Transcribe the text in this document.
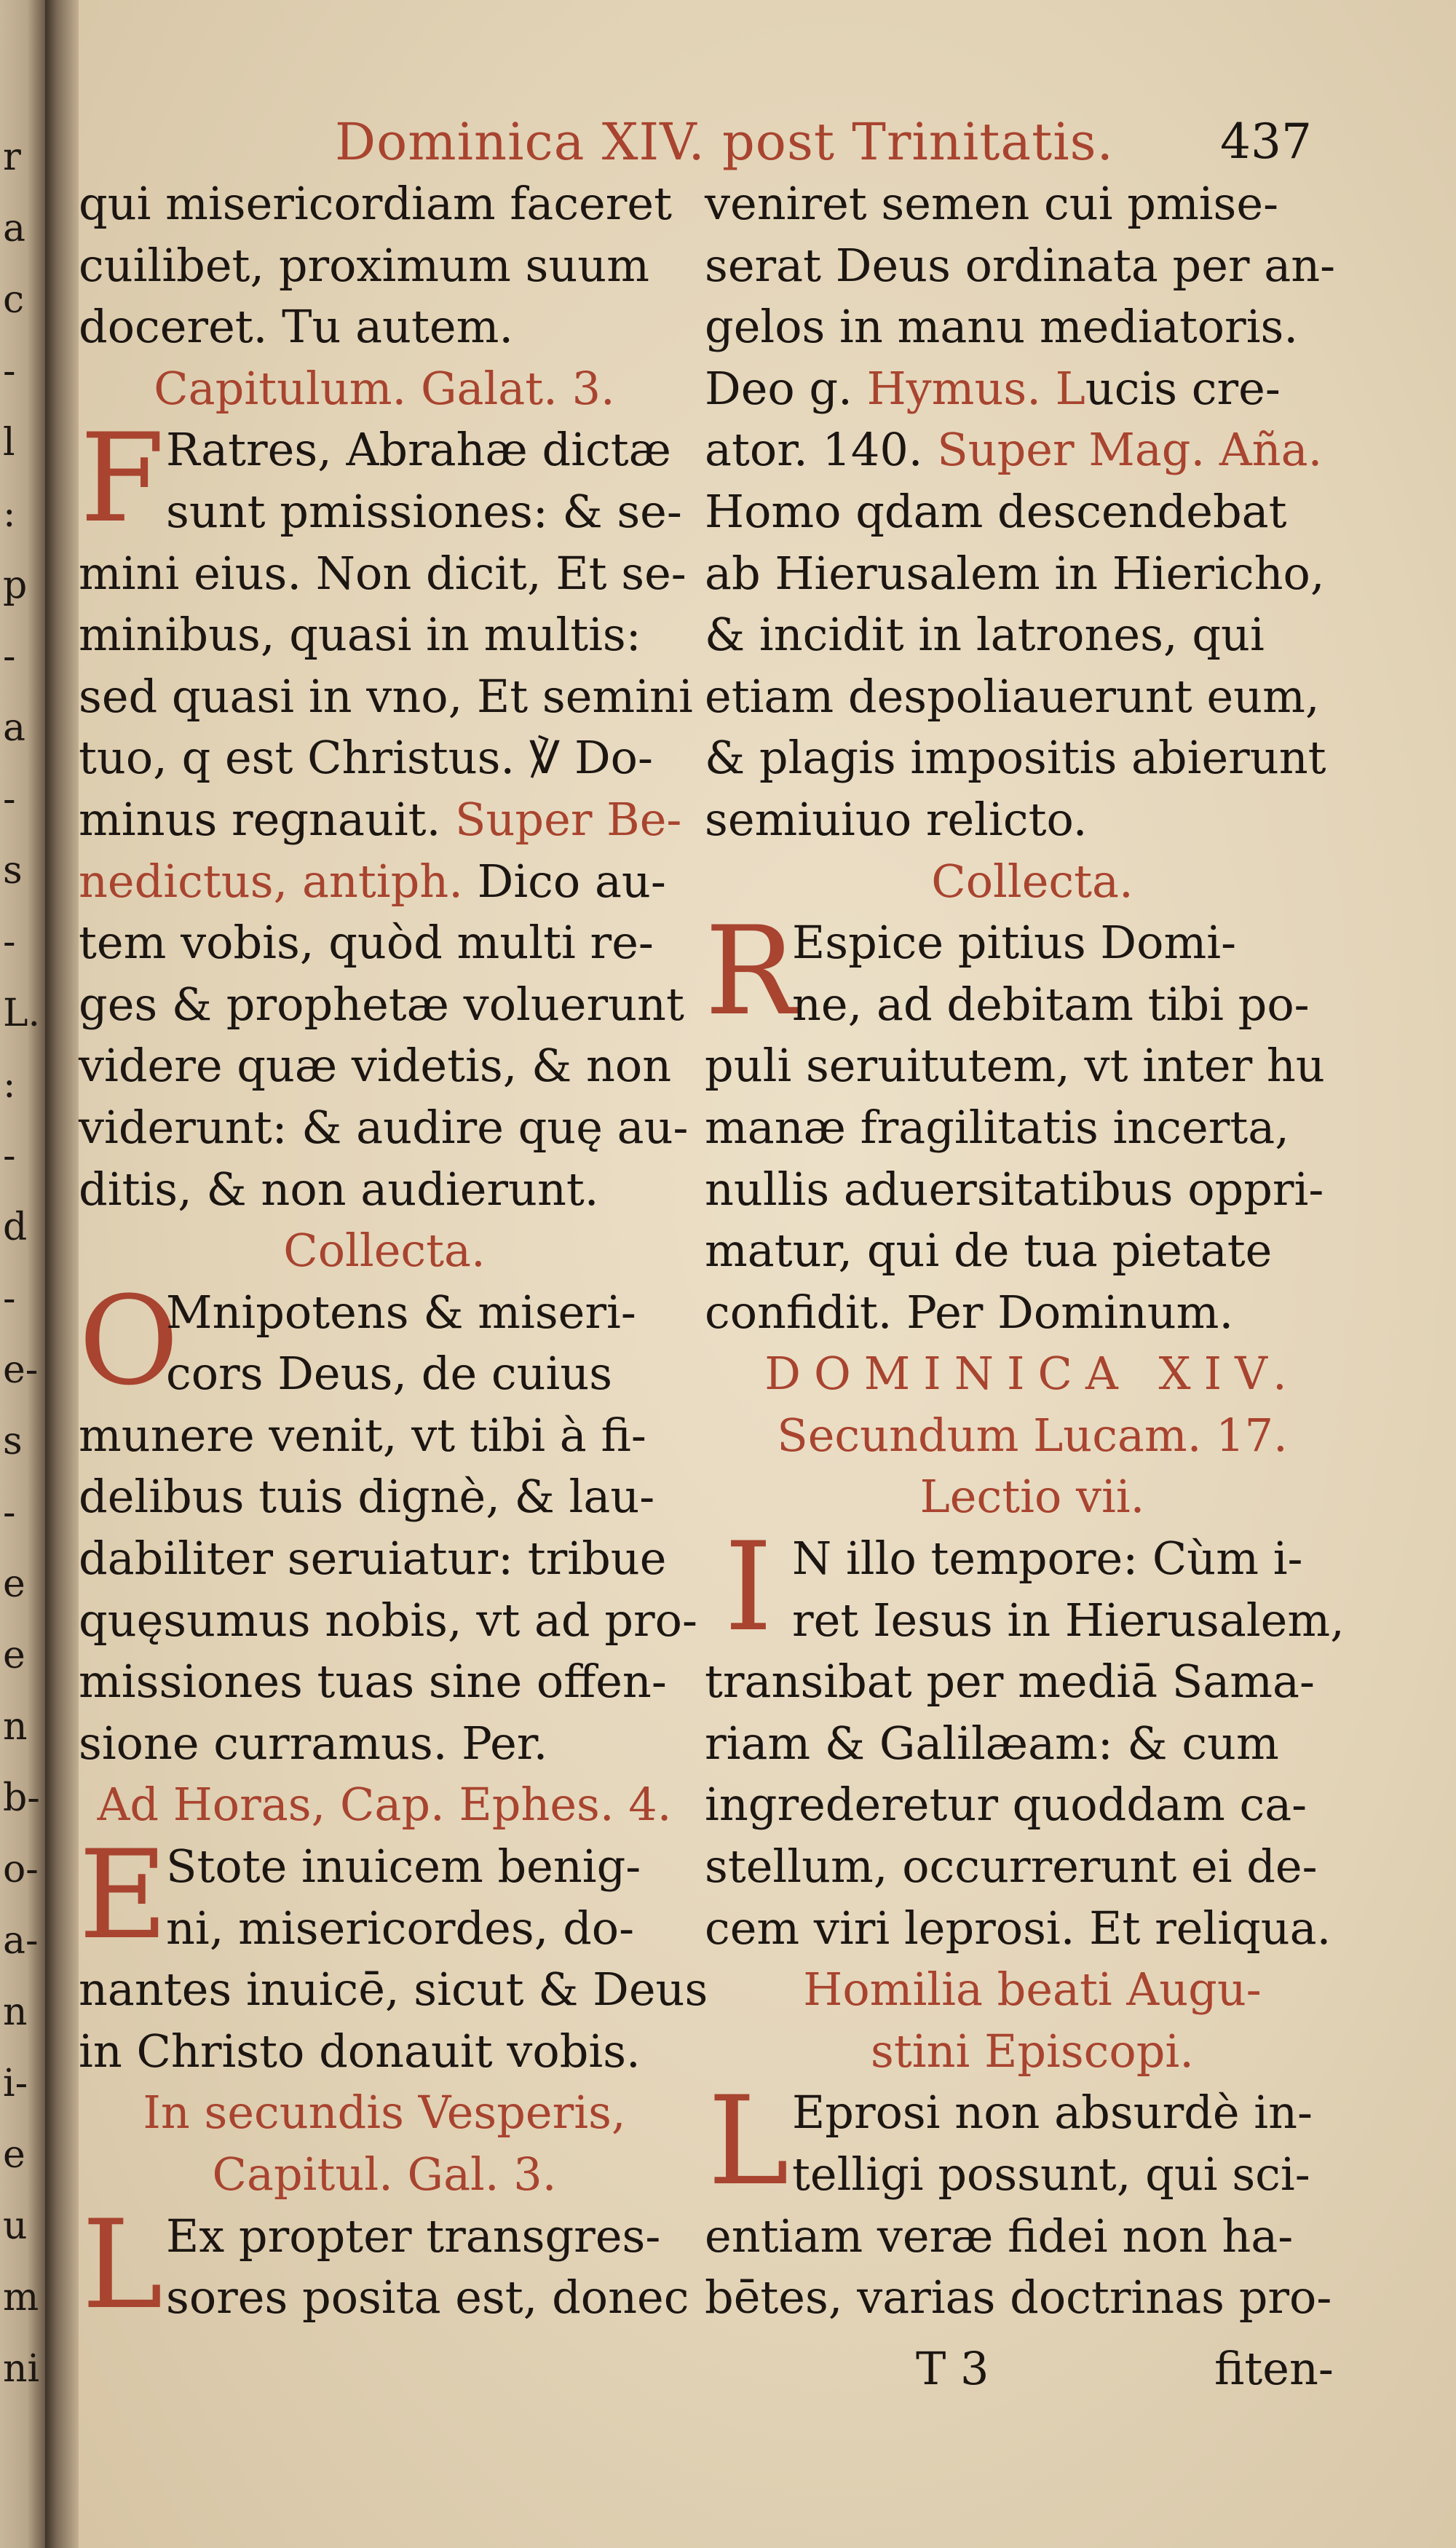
r
a
c
-
l
:
p
-
a
-
s
-
L.
:
-
d
-
e-
s
-
e
e
n
b-
o-
a-
n
i-
e
u
m
ni
Dominica XIV. post Trinitatis. 437
qui misericordiam faceret
cuilibet, proximum suum
doceret. Tu autem.
Capitulum. Galat. 3.
F Ratres, Abrahæ dictæ
sunt pmissiones: & se-
mini eius. Non dicit, Et se-
minibus, quasi in multis:
sed quasi in vno, Et semini
tuo, q est Christus. ℣ Do-
minus regnauit. Super Be-
nedictus, antiph. Dico au-
tem vobis, quòd multi re-
ges & prophetæ voluerunt
videre quæ videtis, & non
viderunt: & audire quę au-
ditis, & non audierunt.
Collecta.
O
Mnipotens & miseri-
cors Deus, de cuius
munere venit, vt tibi à fi-
delibus tuis dignè, & lau-
dabiliter seruiatur: tribue
quęsumus nobis, vt ad pro-
missiones tuas sine offen-
sione curramus. Per.
Ad Horas, Cap. Ephes. 4.
E
Stote inuicem benig-
ni, misericordes, do-
nantes inuicē, sicut & Deus
in Christo donauit vobis.
In secundis Vesperis,
Capitul. Gal. 3.
L Ex propter transgres-
sores posita est, donec
veniret semen cui pmise-
serat Deus ordinata per an-
gelos in manu mediatoris.
Deo g. Hymus. Lucis cre-
ator. 140. Super Mag. Aña.
Homo qdam descendebat
ab Hierusalem in Hiericho,
& incidit in latrones, qui
etiam despoliauerunt eum,
& plagis impositis abierunt
semiuiuo relicto.
Collecta.
R
Espice pitius Domi-
ne, ad debitam tibi po-
puli seruitutem, vt inter hu
manæ fragilitatis incerta,
nullis aduersitatibus oppri-
matur, qui de tua pietate
confidit. Per Dominum.
DOMINICA XIV.
Secundum Lucam. 17.
Lectio vii.
I N illo tempore: Cùm i-
ret Iesus in Hierusalem,
transibat per mediā Sama-
riam & Galilæam: & cum
ingrederetur quoddam ca-
stellum, occurrerunt ei de-
cem viri leprosi. Et reliqua.
Homilia beati Augu-
stini Episcopi.
L Eprosi non absurdè in-
telligi possunt, qui sci-
entiam veræ fidei non ha-
bētes, varias doctrinas pro-
T 3	fiten-
